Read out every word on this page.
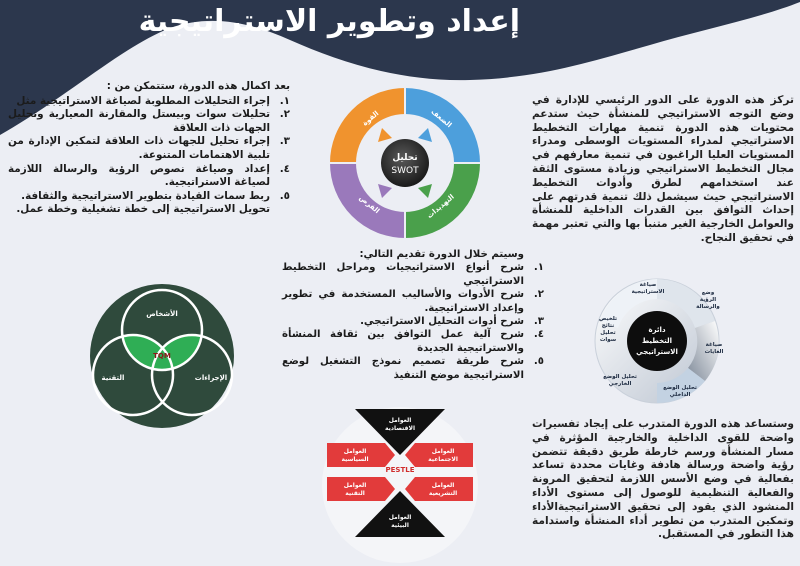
إعداد وتطوير الاستراتيجية

تركز هذه الدورة على الدور الرئيسي للإدارة في وضع التوجه الاستراتيجي للمنشأة حيث ستدعم محتويات هذه الدورة تنمية مهارات التخطيط الاستراتيجي لمدراء المستويات الوسطى ومدراء المستويات العليا الراغبون في تنمية معارفهم في مجال التخطيط الاستراتيجي وزيادة مستوى الثقة عند استخدامهم لطرق وأدوات التخطيط الاستراتيجي حيث سيشمل ذلك تنمية قدرتهم على إحداث التوافق بين القدرات الداخلية للمنشأة والعوامل الخارجية الغير متنبأ بها والتي تعتبر مهمة في تحقيق النجاح.

بعد اكمال هذه الدورة، ستتمكن من :

١.
إجراء التحليلات المطلوبة لصياغة الاستراتيجية مثل
٢.
تحليلات سوات وبيستل والمقارنة المعيارية وتحليل الجهات ذات العلاقة
٣.
إجراء تحليل للجهات ذات العلاقة لتمكين الإدارة من تلبية الاهتمامات المتنوعة.
٤.
إعداد وصياغة نصوص الرؤية والرسالة اللازمة لصياغة الاستراتيجية.
٥.
ربط سمات القيادة بتطوير الاستراتيجية والثقافة.

تحويل الاستراتيجية إلى خطة تشغيلية وخطة عمل.

وسيتم خلال الدورة تقديم التالي:

١.
شرح أنواع الاستراتيجيات ومراحل التخطيط الاستراتيجي
٢.
شرح الأدوات والأساليب المستخدمة في تطوير وإعداد الاستراتيجية.
٣.
شرح أدوات التحليل الاستراتيجي.
٤.
شرح آلية عمل التوافق بين ثقافة المنشأة والاستراتيجية الجديدة
٥.
شرح طريقة تصميم نموذج التشغيل لوضع الاستراتيجية موضع التنفيذ

وستساعد هذه الدورة المتدرب على إيجاد تفسيرات واضحة للقوى الداخلية والخارجية المؤثرة في مسار المنشأة ورسم خارطة طريق دقيقة تتضمن رؤية واضحة ورسالة هادفة وغايات محددة تساعد بفعالية في وضع الأسس اللازمة لتحقيق المرونة والفعالية التنظيمية للوصول إلى مستوى الأداء المنشود الذي يقود إلى تحقيق الاستراتيجيةالأداء وتمكين المتدرب من تطوير أداء المنشأة واستدامة هذا التطور في المستقبل.

تحليل
SWOT
القوة	الضعف
التهديدات
الفرص
دائرة
التخطيط
الاستراتيجي
صياغة
الاستراتيجية	وضع
الرؤية
والرسالة
صياغة
الغايات
تحليل الوضع
الداخلي
تحليل الوضع
الخارجي
تلخيص
نتائج
تحليل
سوات
الأشخاص
التقنية	الإجراءات
TQM
PESTLE
العوامل
الاقتصادية
العوامل
السياسية
العوامل
الاجتماعية
العوامل
التقنية
العوامل
التشريعية
العوامل
البيئية
